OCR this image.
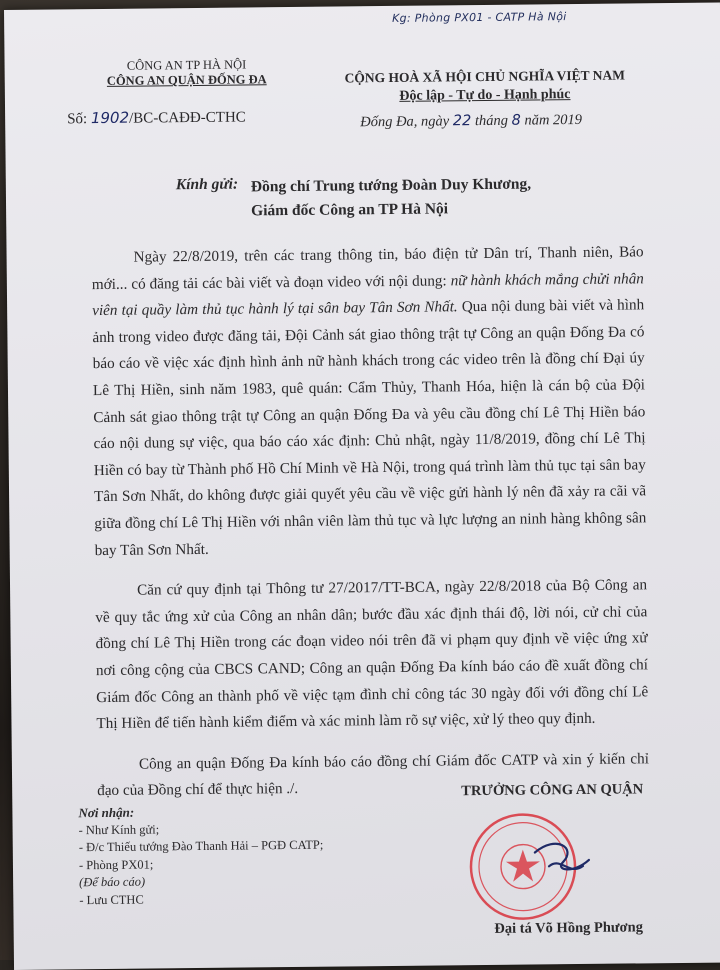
Kg: Phòng PX01 - CATP Hà Nội
CÔNG AN TP HÀ NỘI
CÔNG AN QUẬN ĐỐNG ĐA
Số: 1902/BC-CAĐĐ-CTHC
CỘNG HOÀ XÃ HỘI CHỦ NGHĨA VIỆT NAM
Độc lập - Tự do - Hạnh phúc
Đống Đa, ngày 22 tháng 8 năm 2019
Kính gửi: Đồng chí Trung tướng Đoàn Duy Khương,
Giám đốc Công an TP Hà Nội

Ngày 22/8/2019, trên các trang thông tin, báo điện tử Dân trí, Thanh niên, Báo mới... có đăng tải các bài viết và đoạn video với nội dung: nữ hành khách mắng chửi nhân viên tại quầy làm thủ tục hành lý tại sân bay Tân Sơn Nhất. Qua nội dung bài viết và hình ảnh trong video được đăng tải, Đội Cảnh sát giao thông trật tự Công an quận Đống Đa có báo cáo về việc xác định hình ảnh nữ hành khách trong các video trên là đồng chí Đại úy Lê Thị Hiền, sinh năm 1983, quê quán: Cẩm Thủy, Thanh Hóa, hiện là cán bộ của Đội Cảnh sát giao thông trật tự Công an quận Đống Đa và yêu cầu đồng chí Lê Thị Hiền báo cáo nội dung sự việc, qua báo cáo xác định: Chủ nhật, ngày 11/8/2019, đồng chí Lê Thị Hiền có bay từ Thành phố Hồ Chí Minh về Hà Nội, trong quá trình làm thủ tục tại sân bay Tân Sơn Nhất, do không được giải quyết yêu cầu về việc gửi hành lý nên đã xảy ra cãi vã giữa đồng chí Lê Thị Hiền với nhân viên làm thủ tục và lực lượng an ninh hàng không sân bay Tân Sơn Nhất.

Căn cứ quy định tại Thông tư 27/2017/TT-BCA, ngày 22/8/2018 của Bộ Công an về quy tắc ứng xử của Công an nhân dân; bước đầu xác định thái độ, lời nói, cử chỉ của đồng chí Lê Thị Hiền trong các đoạn video nói trên đã vi phạm quy định về việc ứng xử nơi công cộng của CBCS CAND; Công an quận Đống Đa kính báo cáo đề xuất đồng chí Giám đốc Công an thành phố về việc tạm đình chỉ công tác 30 ngày đối với đồng chí Lê Thị Hiền để tiến hành kiểm điểm và xác minh làm rõ sự việc, xử lý theo quy định.

Công an quận Đống Đa kính báo cáo đồng chí Giám đốc CATP và xin ý kiến chỉ đạo của Đồng chí để thực hiện ./.

Nơi nhận:
- Như Kính gửi;
- Đ/c Thiếu tướng Đào Thanh Hải – PGĐ CATP;
- Phòng PX01;
(Để báo cáo)
- Lưu CTHC
TRƯỞNG CÔNG AN QUẬN
Đại tá Võ Hồng Phương
